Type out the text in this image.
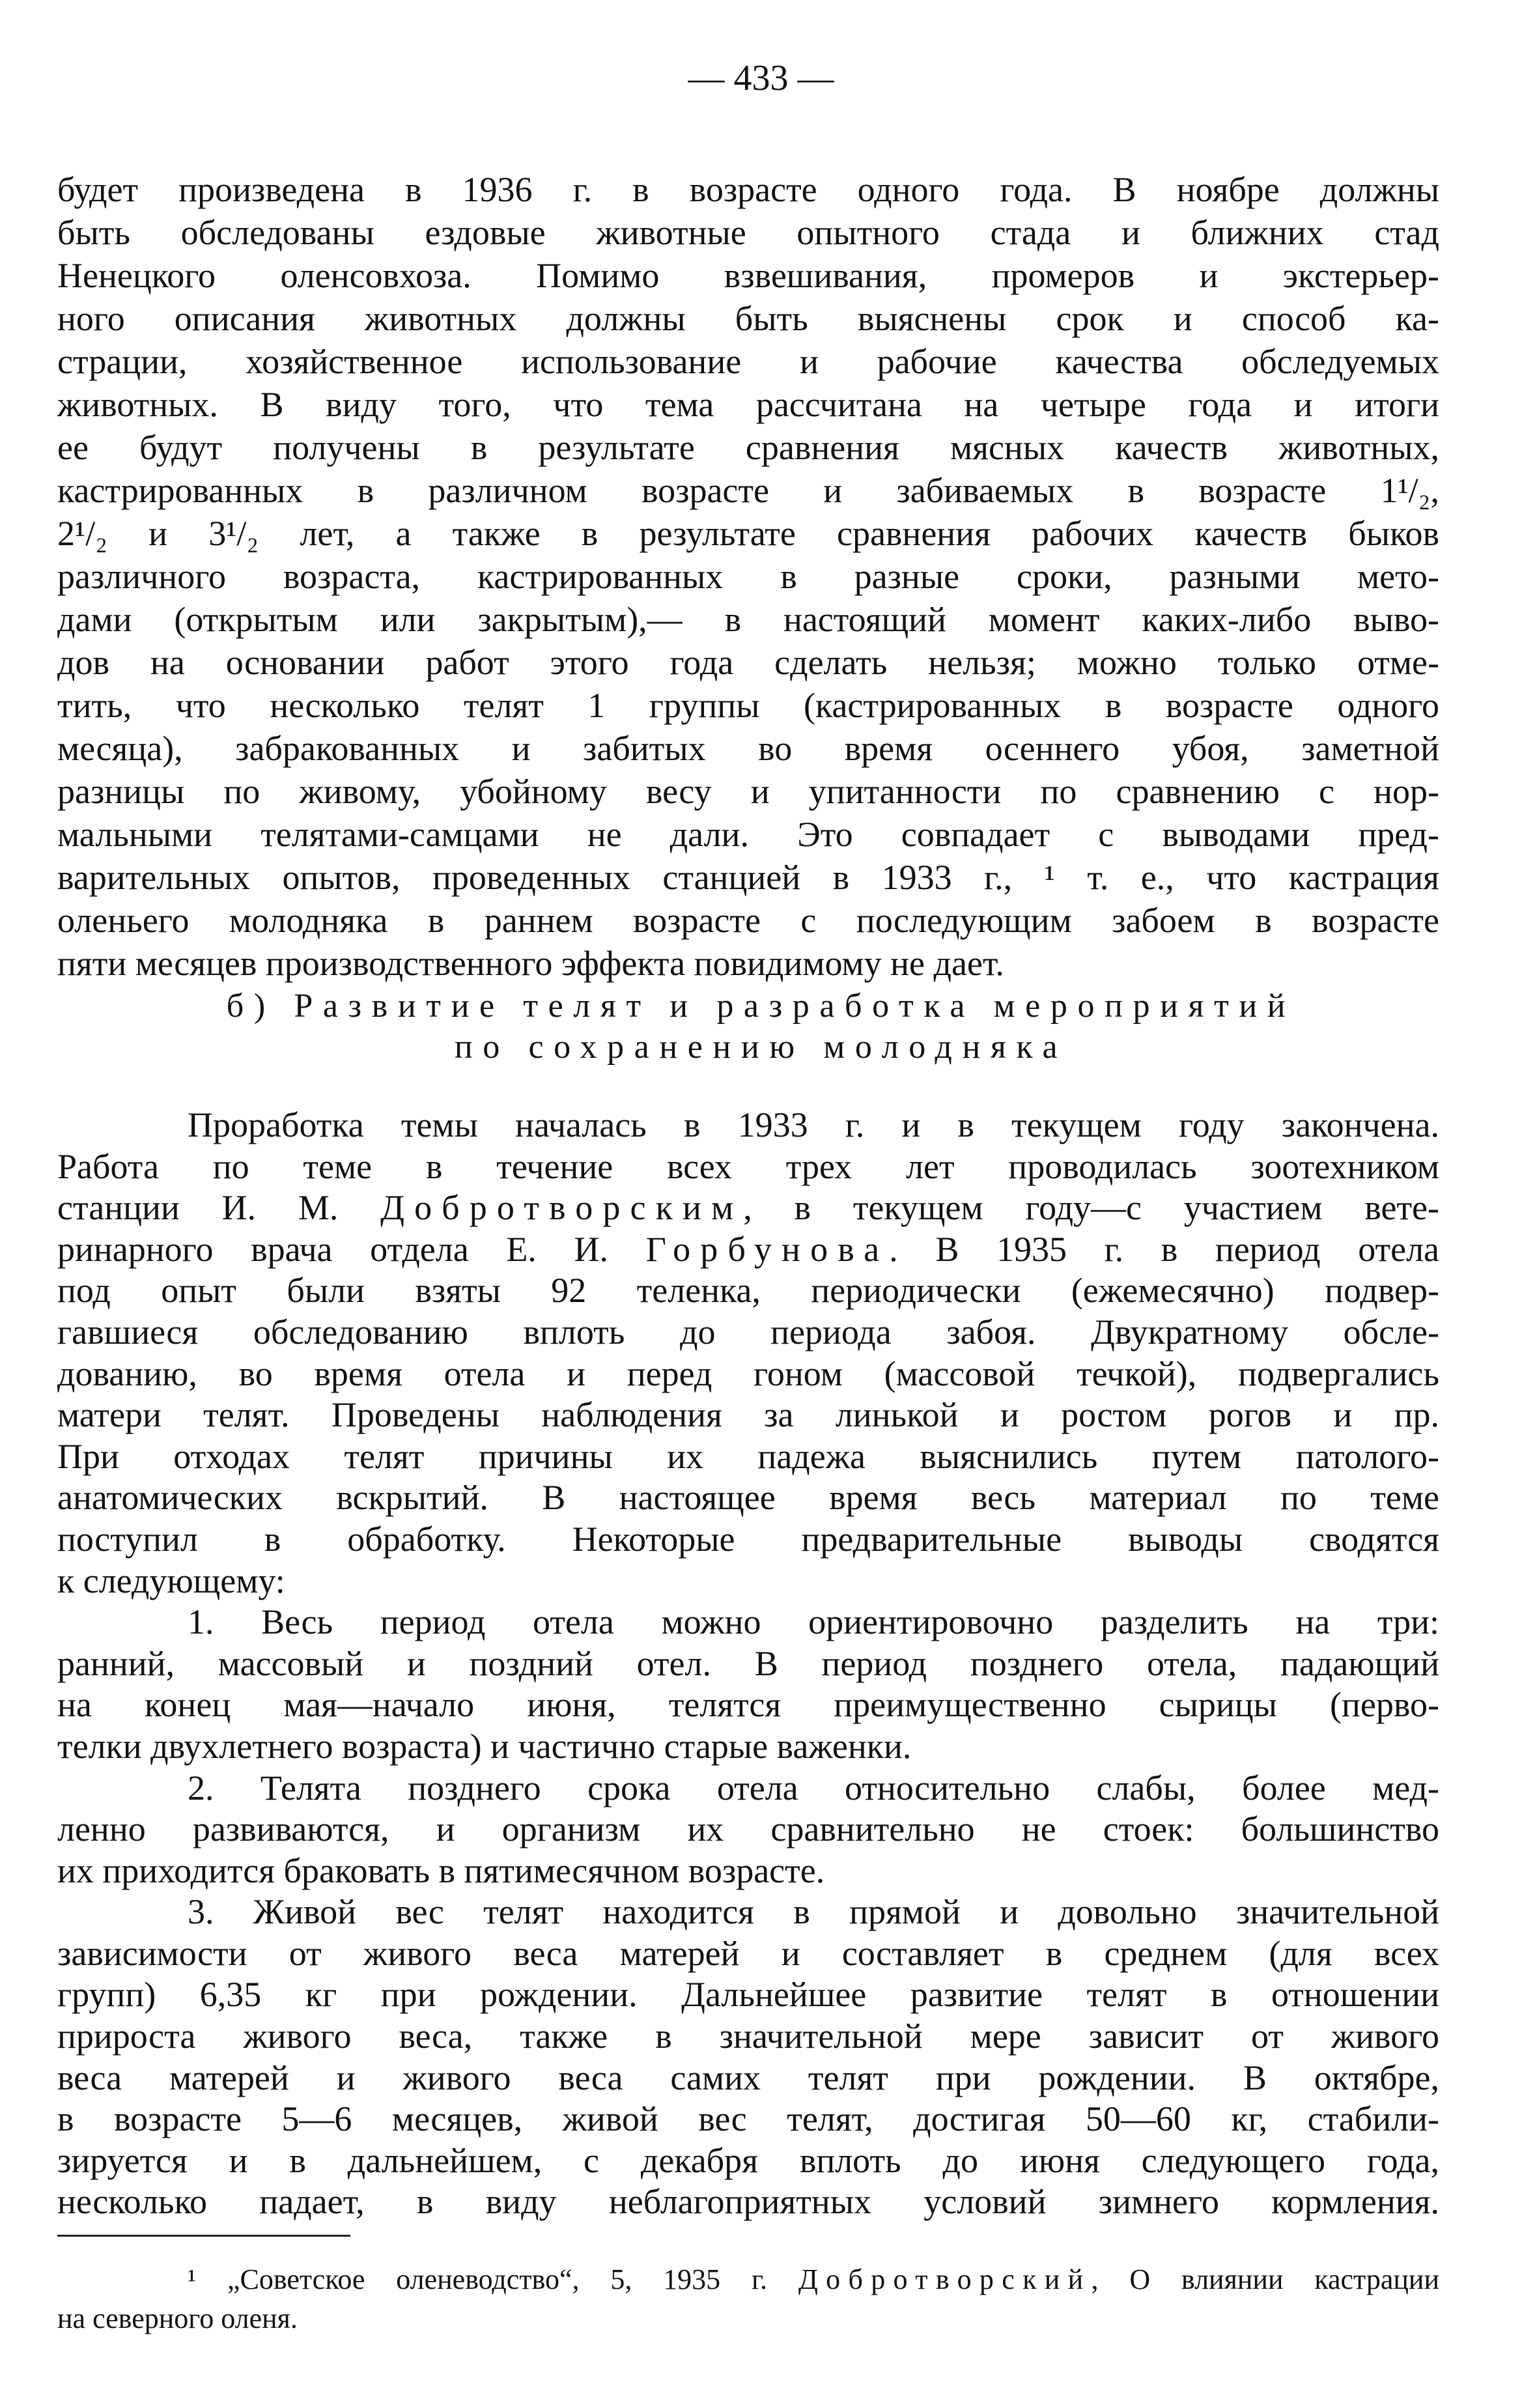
— 433 —
будет произведена в 1936 г. в возрасте одного года. В ноябре должны
быть обследованы ездовые животные опытного стада и ближних стад
Ненецкого оленсовхоза. Помимо взвешивания, промеров и экстерьер-
ного описания животных должны быть выяснены срок и способ ка-
страции, хозяйственное использование и рабочие качества обследуемых
животных. В виду того, что тема рассчитана на четыре года и итоги
ее будут получены в результате сравнения мясных качеств животных,
кастрированных в различном возрасте и забиваемых в возрасте 1¹/₂,
2¹/₂ и 3¹/₂ лет, а также в результате сравнения рабочих качеств быков
различного возраста, кастрированных в разные сроки, разными мето-
дами (открытым или закрытым),— в настоящий момент каких-либо выво-
дов на основании работ этого года сделать нельзя; можно только отме-
тить, что несколько телят 1 группы (кастрированных в возрасте одного
месяца), забракованных и забитых во время осеннего убоя, заметной
разницы по живому, убойному весу и упитанности по сравнению с нор-
мальными телятами-самцами не дали. Это совпадает с выводами пред-
варительных опытов, проведенных станцией в 1933 г., ¹ т. е., что кастрация
оленьего молодняка в раннем возрасте с последующим забоем в возрасте
пяти месяцев производственного эффекта повидимому не дает.
б) Развитие телят и разработка мероприятий
по сохранению молодняка
Проработка темы началась в 1933 г. и в текущем году закончена.
Работа по теме в течение всех трех лет проводилась зоотехником
станции И. М. Добротворским, в текущем году—с участием вете-
ринарного врача отдела Е. И. Горбунова. В 1935 г. в период отела
под опыт были взяты 92 теленка, периодически (ежемесячно) подвер-
гавшиеся обследованию вплоть до периода забоя. Двукратному обсле-
дованию, во время отела и перед гоном (массовой течкой), подвергались
матери телят. Проведены наблюдения за линькой и ростом рогов и пр.
При отходах телят причины их падежа выяснились путем патолого-
анатомических вскрытий. В настоящее время весь материал по теме
поступил в обработку. Некоторые предварительные выводы сводятся
к следующему:
1. Весь период отела можно ориентировочно разделить на три:
ранний, массовый и поздний отел. В период позднего отела, падающий
на конец мая—начало июня, телятся преимущественно сырицы (перво-
телки двухлетнего возраста) и частично старые важенки.
2. Телята позднего срока отела относительно слабы, более мед-
ленно развиваются, и организм их сравнительно не стоек: большинство
их приходится браковать в пятимесячном возрасте.
3. Живой вес телят находится в прямой и довольно значительной
зависимости от живого веса матерей и составляет в среднем (для всех
групп) 6,35 кг при рождении. Дальнейшее развитие телят в отношении
прироста живого веса, также в значительной мере зависит от живого
веса матерей и живого веса самих телят при рождении. В октябре,
в возрасте 5—6 месяцев, живой вес телят, достигая 50—60 кг, стабили-
зируется и в дальнейшем, с декабря вплоть до июня следующего года,
несколько падает, в виду неблагоприятных условий зимнего кормления.
¹ „Советское оленеводство“, 5, 1935 г. Добротворский, О влиянии кастрации
на северного оленя.
